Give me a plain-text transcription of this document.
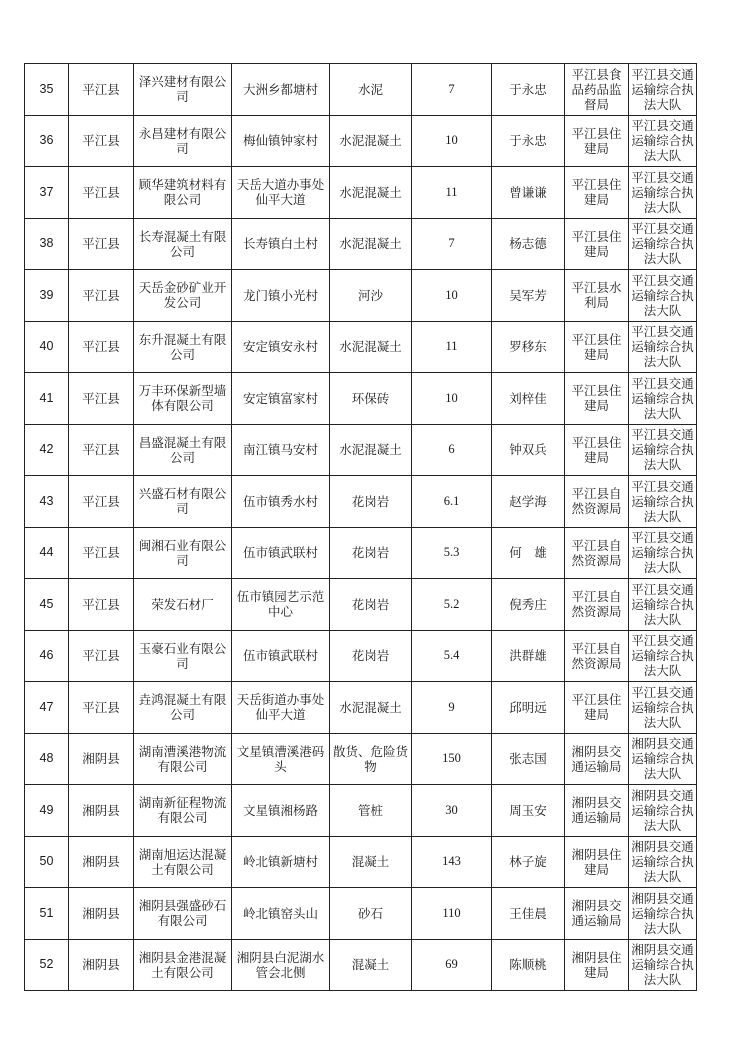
35	平江县	泽兴建材有限公司	大洲乡都塘村	水泥	7	于永忠	平江县食品药品监督局	平江县交通运输综合执法大队
36	平江县	永昌建材有限公司	梅仙镇钟家村	水泥混凝土	10	于永忠	平江县住建局	平江县交通运输综合执法大队
37	平江县	顾华建筑材料有限公司	天岳大道办事处仙平大道	水泥混凝土	11	曾谦谦	平江县住建局	平江县交通运输综合执法大队
38	平江县	长寿混凝土有限公司	长寿镇白土村	水泥混凝土	7	杨志德	平江县住建局	平江县交通运输综合执法大队
39	平江县	天岳金砂矿业开发公司	龙门镇小光村	河沙	10	吴军芳	平江县水利局	平江县交通运输综合执法大队
40	平江县	东升混凝土有限公司	安定镇安永村	水泥混凝土	11	罗移东	平江县住建局	平江县交通运输综合执法大队
41	平江县	万丰环保新型墙体有限公司	安定镇富家村	环保砖	10	刘梓佳	平江县住建局	平江县交通运输综合执法大队
42	平江县	昌盛混凝土有限公司	南江镇马安村	水泥混凝土	6	钟双兵	平江县住建局	平江县交通运输综合执法大队
43	平江县	兴盛石材有限公司	伍市镇秀水村	花岗岩	6.1	赵学海	平江县自然资源局	平江县交通运输综合执法大队
44	平江县	闽湘石业有限公司	伍市镇武联村	花岗岩	5.3	何　雄	平江县自然资源局	平江县交通运输综合执法大队
45	平江县	荣发石材厂	伍市镇园艺示范中心	花岗岩	5.2	倪秀庄	平江县自然资源局	平江县交通运输综合执法大队
46	平江县	玉豪石业有限公司	伍市镇武联村	花岗岩	5.4	洪群雄	平江县自然资源局	平江县交通运输综合执法大队
47	平江县	垚鸿混凝土有限公司	天岳街道办事处仙平大道	水泥混凝土	9	邱明远	平江县住建局	平江县交通运输综合执法大队
48	湘阴县	湖南漕溪港物流有限公司	文星镇漕溪港码头	散货、危险货物	150	张志国	湘阴县交通运输局	湘阴县交通运输综合执法大队
49	湘阴县	湖南新征程物流有限公司	文星镇湘杨路	管桩	30	周玉安	湘阴县交通运输局	湘阴县交通运输综合执法大队
50	湘阴县	湖南旭运达混凝土有限公司	岭北镇新塘村	混凝土	143	林子旋	湘阴县住建局	湘阴县交通运输综合执法大队
51	湘阴县	湘阴县强盛砂石有限公司	岭北镇窑头山	砂石	110	王佳晨	湘阴县交通运输局	湘阴县交通运输综合执法大队
52	湘阴县	湘阴县金港混凝土有限公司	湘阴县白泥湖水管会北侧	混凝土	69	陈顺桃	湘阴县住建局	湘阴县交通运输综合执法大队
